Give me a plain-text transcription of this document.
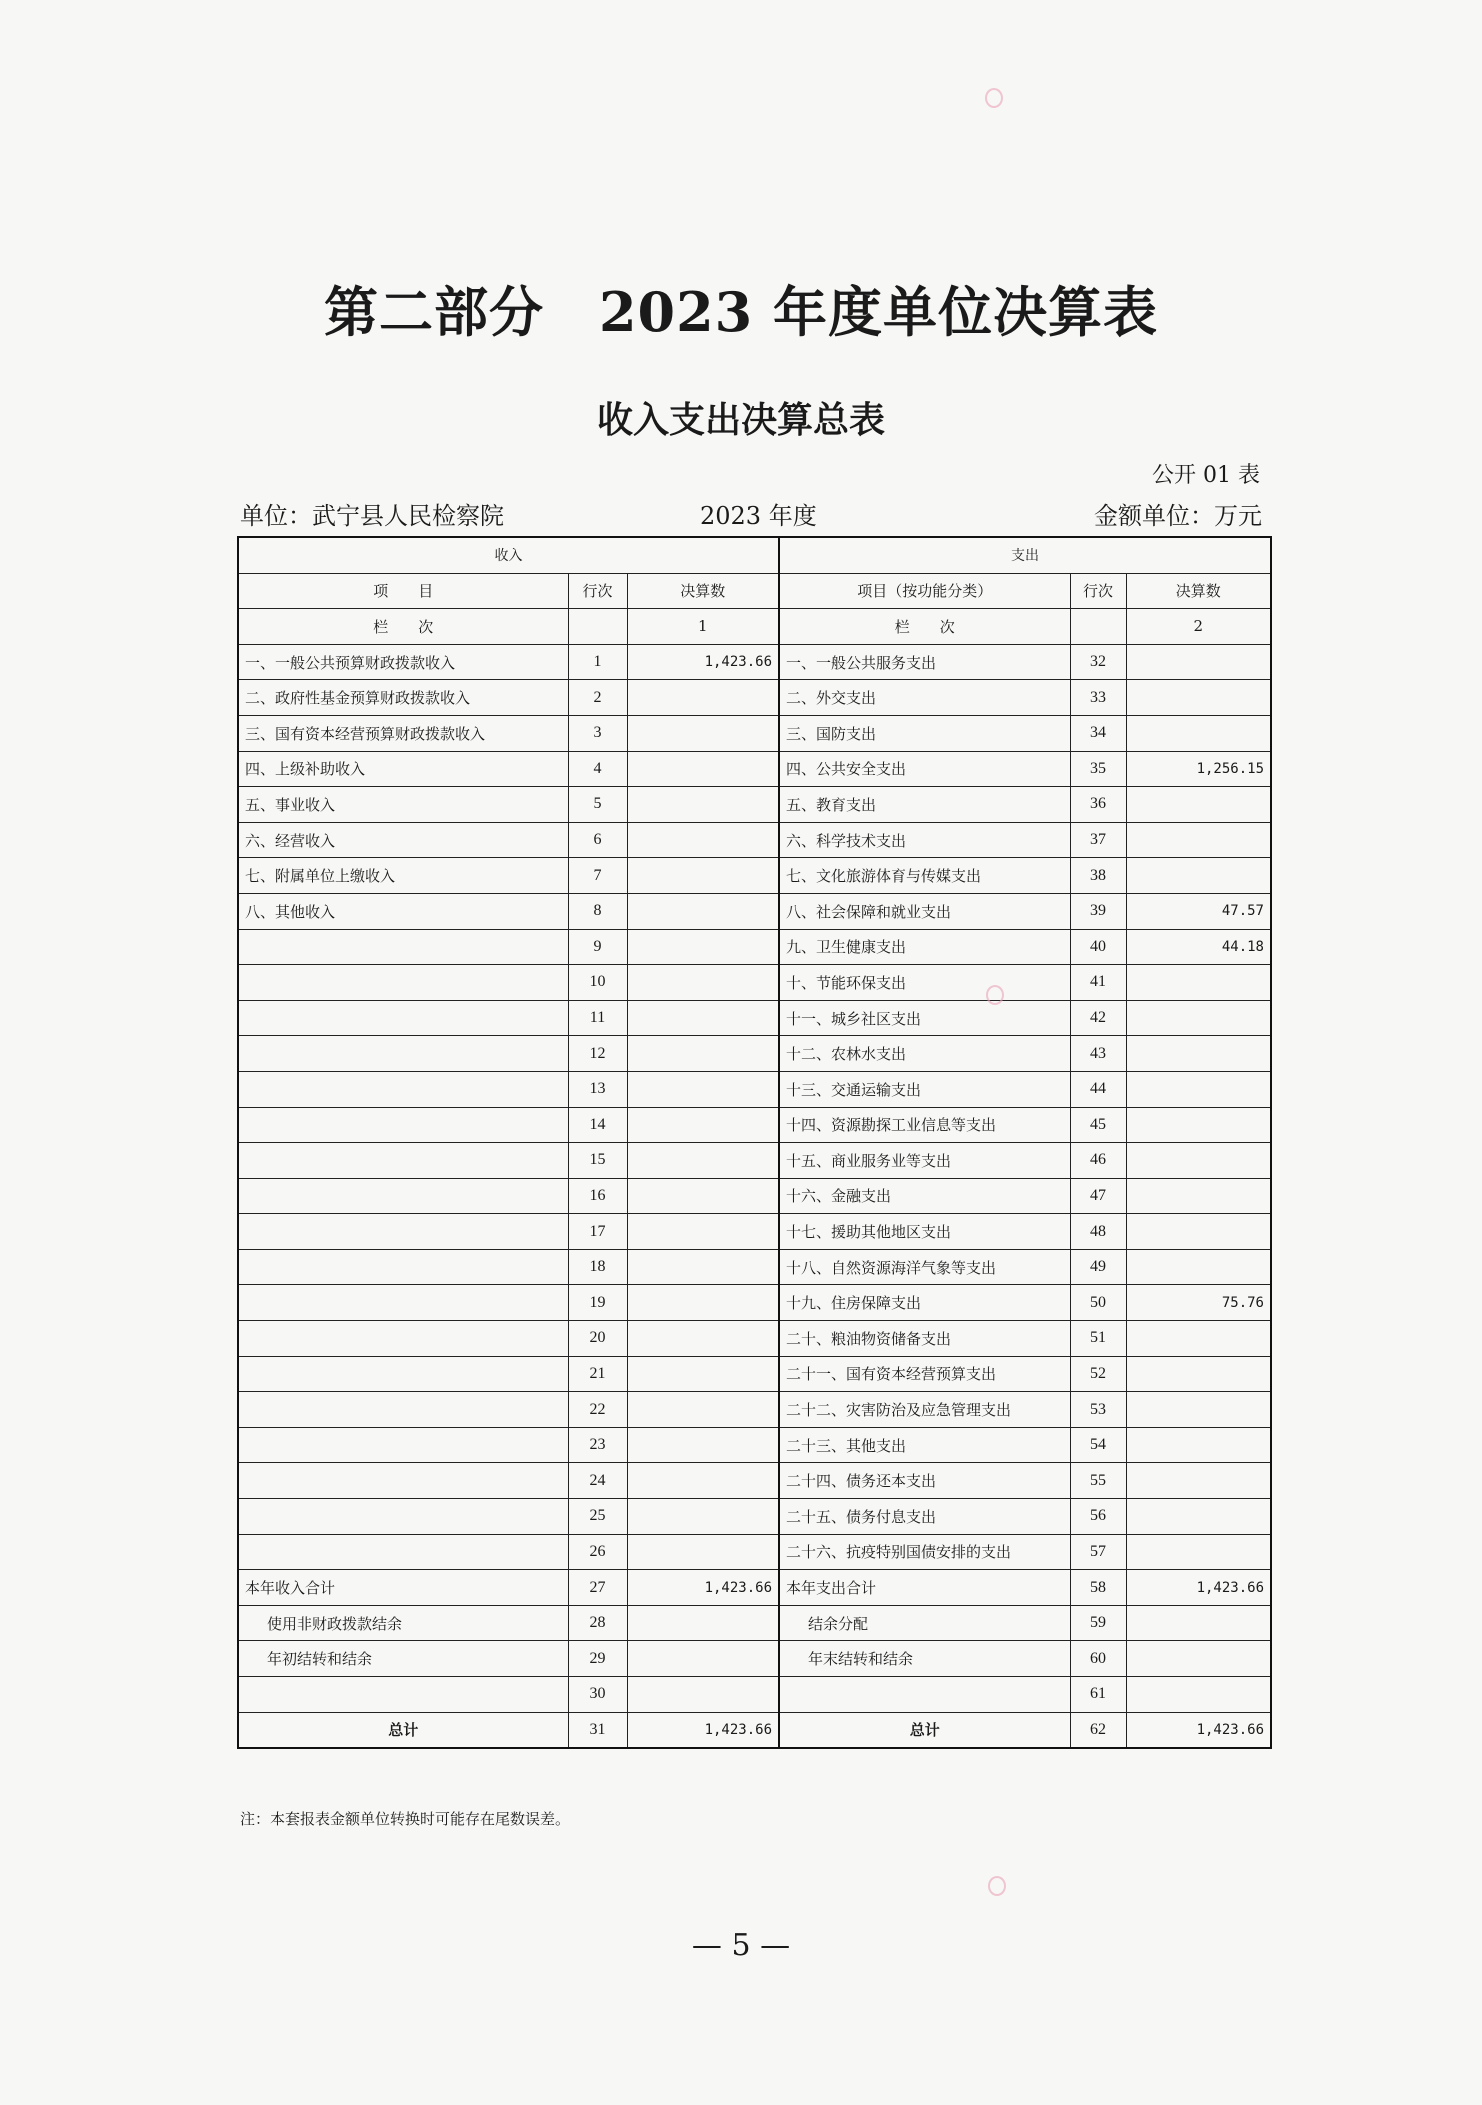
第二部分　2023 年度单位决算表
收入支出决算总表
公开 01 表
单位：武宁县人民检察院	2023 年度	金额单位：万元
收入			支出		
项　　目	行次	决算数	项目（按功能分类）	行次	决算数
栏　　次		1	栏　　次		2
一、一般公共预算财政拨款收入	1	1,423.66	一、一般公共服务支出	32	
二、政府性基金预算财政拨款收入	2		二、外交支出	33	
三、国有资本经营预算财政拨款收入	3		三、国防支出	34	
四、上级补助收入	4		四、公共安全支出	35	1,256.15
五、事业收入	5		五、教育支出	36	
六、经营收入	6		六、科学技术支出	37	
七、附属单位上缴收入	7		七、文化旅游体育与传媒支出	38	
八、其他收入	8		八、社会保障和就业支出	39	47.57
	9		九、卫生健康支出	40	44.18
	10		十、节能环保支出	41	
	11		十一、城乡社区支出	42	
	12		十二、农林水支出	43	
	13		十三、交通运输支出	44	
	14		十四、资源勘探工业信息等支出	45	
	15		十五、商业服务业等支出	46	
	16		十六、金融支出	47	
	17		十七、援助其他地区支出	48	
	18		十八、自然资源海洋气象等支出	49	
	19		十九、住房保障支出	50	75.76
	20		二十、粮油物资储备支出	51	
	21		二十一、国有资本经营预算支出	52	
	22		二十二、灾害防治及应急管理支出	53	
	23		二十三、其他支出	54	
	24		二十四、债务还本支出	55	
	25		二十五、债务付息支出	56	
	26		二十六、抗疫特别国债安排的支出	57	
本年收入合计	27	1,423.66	本年支出合计	58	1,423.66
使用非财政拨款结余	28		结余分配	59	
年初结转和结余	29		年末结转和结余	60	
	30			61	
总计	31	1,423.66	总计	62	1,423.66
注：本套报表金额单位转换时可能存在尾数误差。
— 5 —
